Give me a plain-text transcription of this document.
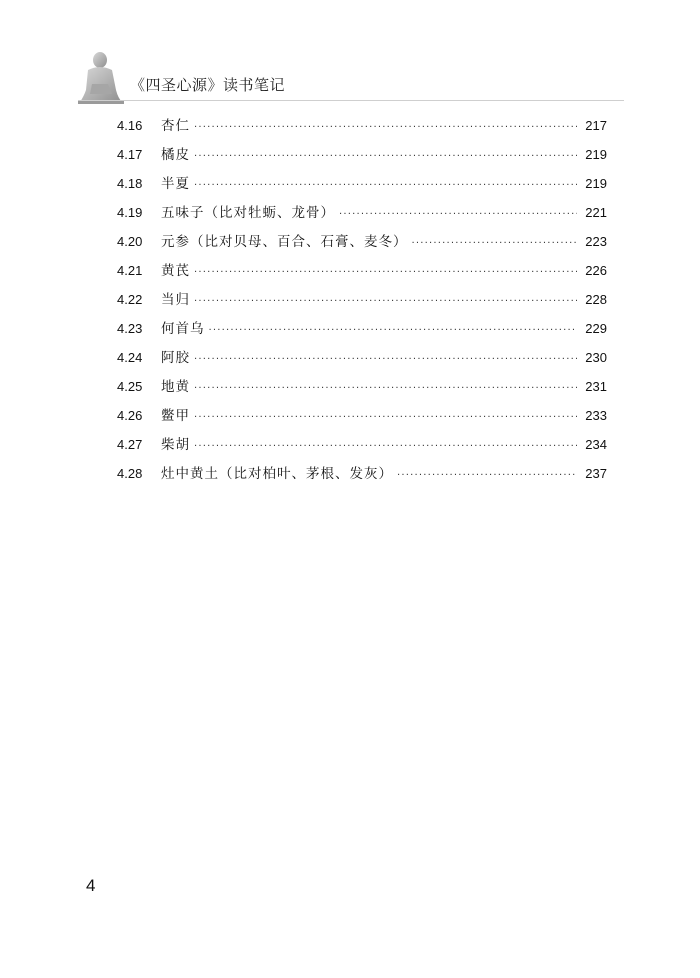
《四圣心源》读书笔记
4.16	杏仁 ·····	217
4.17	橘皮 ·····	219
4.18	半夏 ·····	219
4.19	五味子（比对牡蛎、龙骨） ·····	221
4.20	元参（比对贝母、百合、石膏、麦冬） ·····	223
4.21	黄芪 ·····	226
4.22	当归 ·····	228
4.23	何首乌 ·····	229
4.24	阿胶 ·····	230
4.25	地黄 ·····	231
4.26	鳖甲 ·····	233
4.27	柴胡 ·····	234
4.28	灶中黄土（比对柏叶、茅根、发灰） ·····	237
4
